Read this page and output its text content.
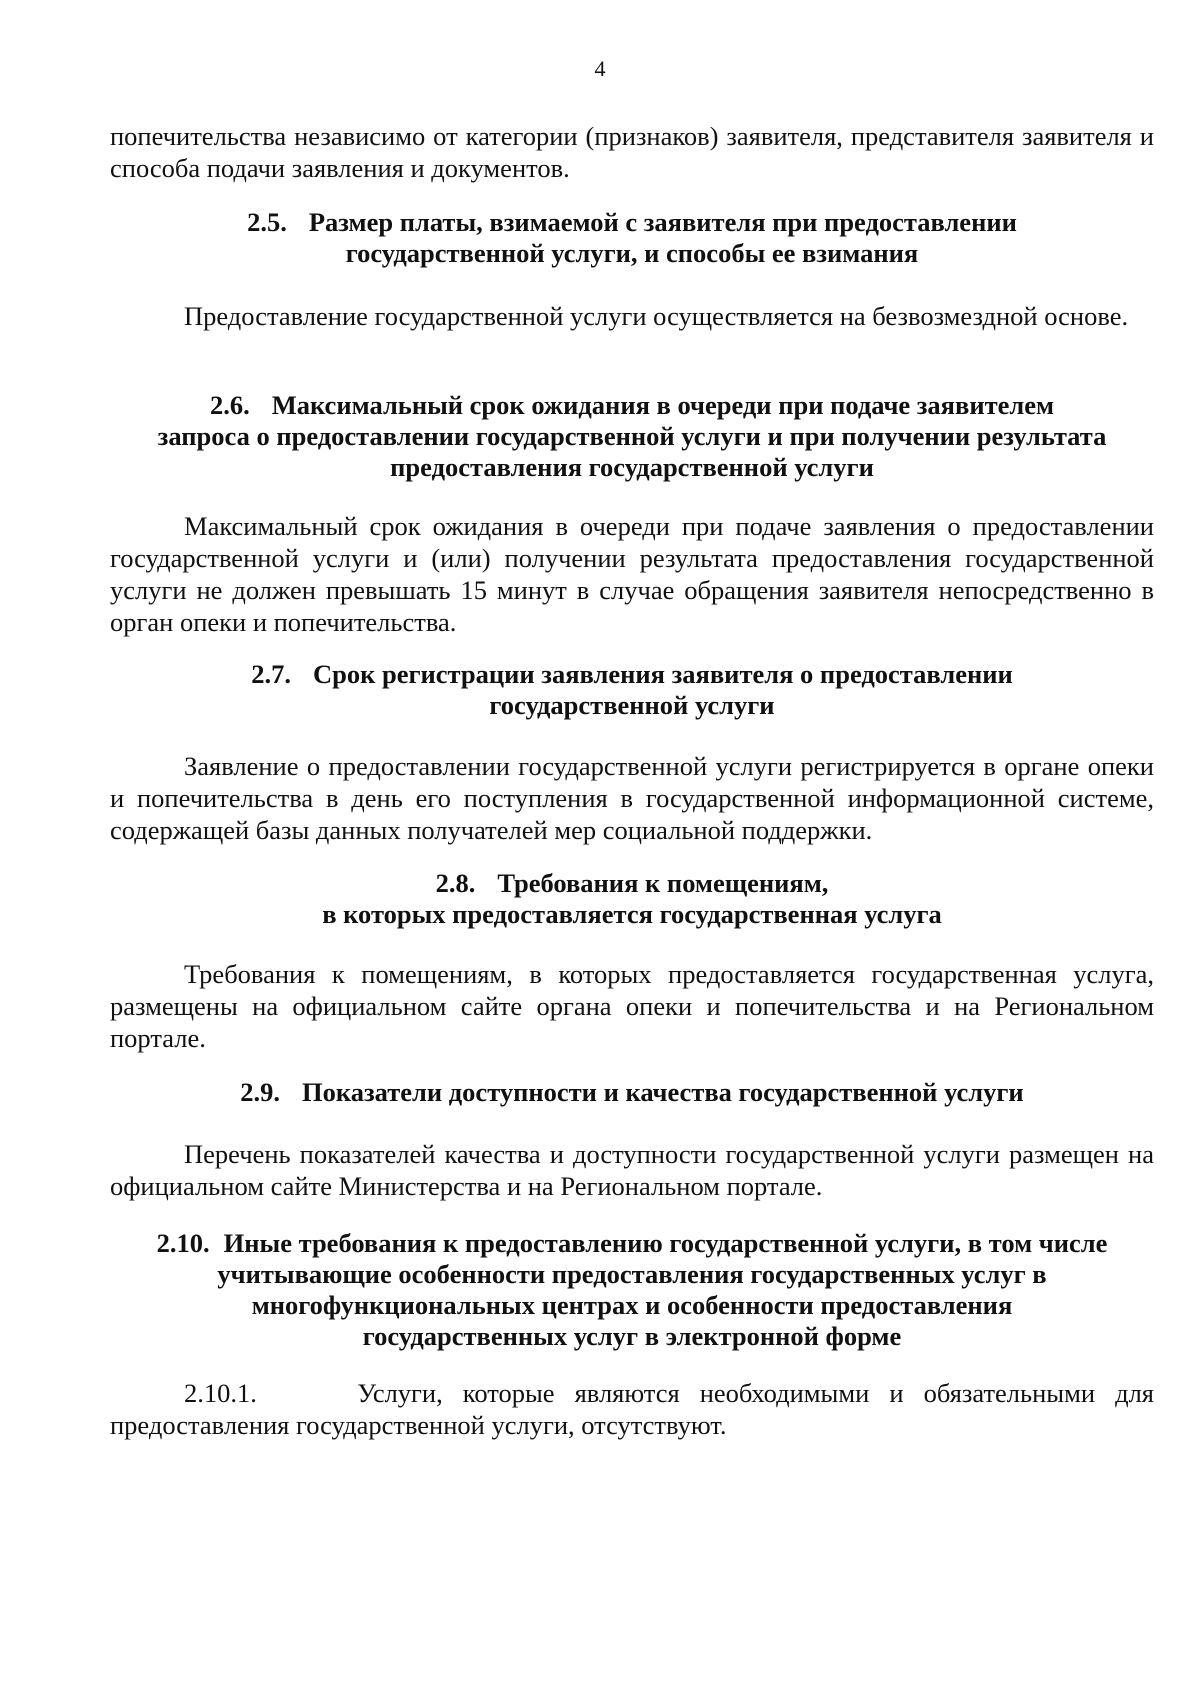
4

попечительства независимо от категории (признаков) заявителя, представителя заявителя и способа подачи заявления и документов.

2.5. Размер платы, взимаемой с заявителя при предоставлении
государственной услуги, и способы ее взимания

Предоставление государственной услуги осуществляется на безвозмездной основе.

2.6. Максимальный срок ожидания в очереди при подаче заявителем
запроса о предоставлении государственной услуги и при получении результата
предоставления государственной услуги

Максимальный срок ожидания в очереди при подаче заявления о предоставлении государственной услуги и (или) получении результата предоставления государственной услуги не должен превышать 15 минут в случае обращения заявителя непосредственно в орган опеки и попечительства.

2.7. Срок регистрации заявления заявителя о предоставлении
государственной услуги

Заявление о предоставлении государственной услуги регистрируется в органе опеки и попечительства в день его поступления в государственной информационной системе, содержащей базы данных получателей мер социальной поддержки.

2.8. Требования к помещениям,
в которых предоставляется государственная услуга

Требования к помещениям, в которых предоставляется государственная услуга, размещены на официальном сайте органа опеки и попечительства и на Региональном портале.

2.9. Показатели доступности и качества государственной услуги

Перечень показателей качества и доступности государственной услуги размещен на официальном сайте Министерства и на Региональном портале.

2.10. Иные требования к предоставлению государственной услуги, в том числе
учитывающие особенности предоставления государственных услуг в
многофункциональных центрах и особенности предоставления
государственных услуг в электронной форме

2.10.1.	Услуги, которые являются необходимыми и обязательными для предоставления государственной услуги, отсутствуют.
